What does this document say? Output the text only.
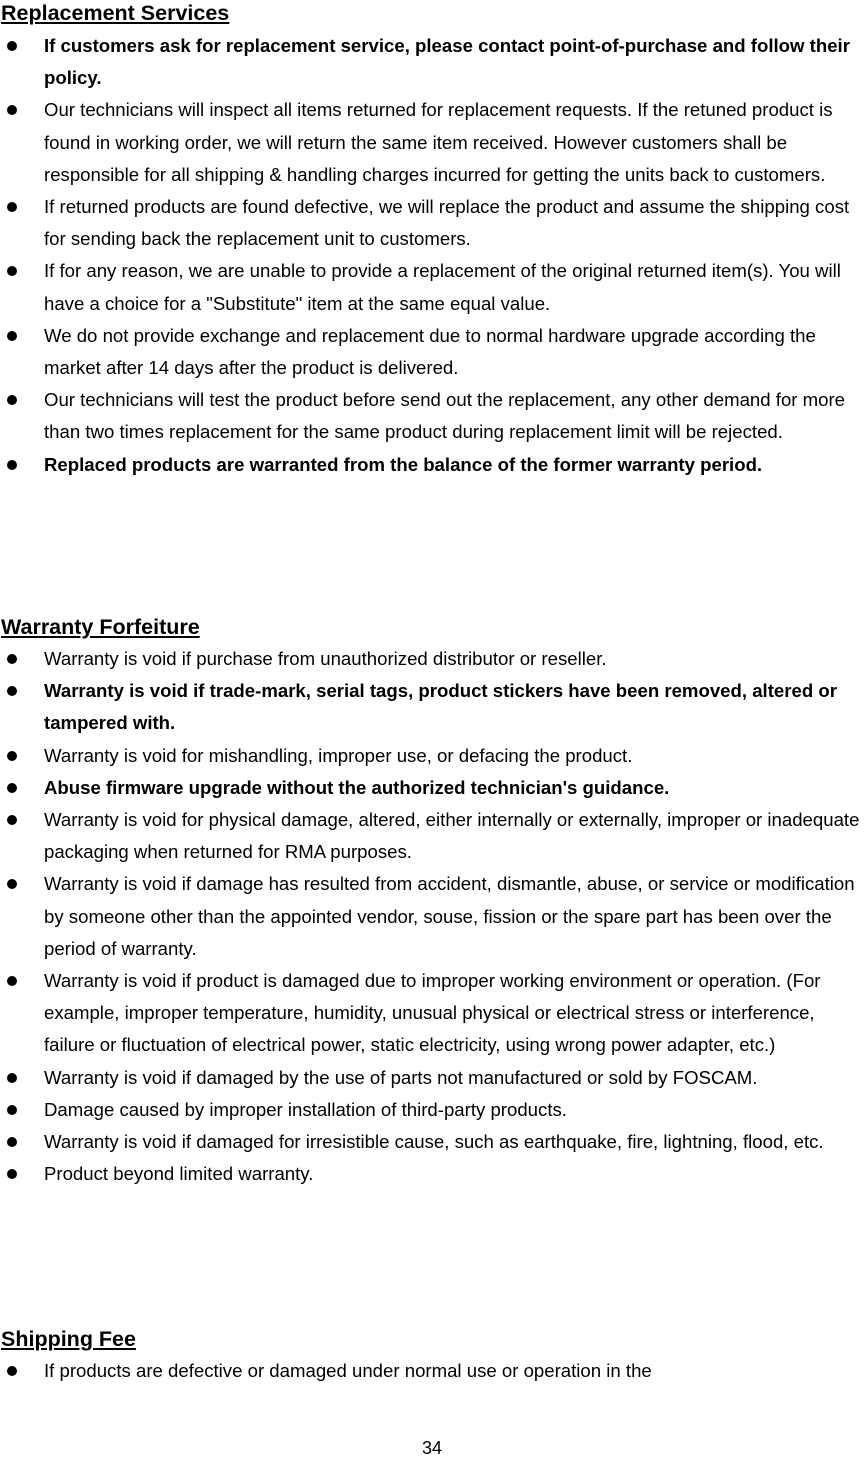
Replacement Services
If customers ask for replacement service, please contact point-of-purchase and follow their policy.
Our technicians will inspect all items returned for replacement requests. If the retuned product is found in working order, we will return the same item received. However customers shall be responsible for all shipping & handling charges incurred for getting the units back to customers.
If returned products are found defective, we will replace the product and assume the shipping cost for sending back the replacement unit to customers.
If for any reason, we are unable to provide a replacement of the original returned item(s). You will have a choice for a "Substitute" item at the same equal value.
We do not provide exchange and replacement due to normal hardware upgrade according the market after 14 days after the product is delivered.
Our technicians will test the product before send out the replacement, any other demand for more than two times replacement for the same product during replacement limit will be rejected.
Replaced products are warranted from the balance of the former warranty period.
Warranty Forfeiture
Warranty is void if purchase from unauthorized distributor or reseller.
Warranty is void if trade-mark, serial tags, product stickers have been removed, altered or tampered with.
Warranty is void for mishandling, improper use, or defacing the product.
Abuse firmware upgrade without the authorized technician's guidance.
Warranty is void for physical damage, altered, either internally or externally, improper or inadequate packaging when returned for RMA purposes.
Warranty is void if damage has resulted from accident, dismantle, abuse, or service or modification by someone other than the appointed vendor, souse, fission or the spare part has been over the period of warranty.
Warranty is void if product is damaged due to improper working environment or operation. (For example, improper temperature, humidity, unusual physical or electrical stress or interference, failure or fluctuation of electrical power, static electricity, using wrong power adapter, etc.)
Warranty is void if damaged by the use of parts not manufactured or sold by FOSCAM.
Damage caused by improper installation of third-party products.
Warranty is void if damaged for irresistible cause, such as earthquake, fire, lightning, flood, etc.
Product beyond limited warranty.
Shipping Fee
If products are defective or damaged under normal use or operation in the
34
